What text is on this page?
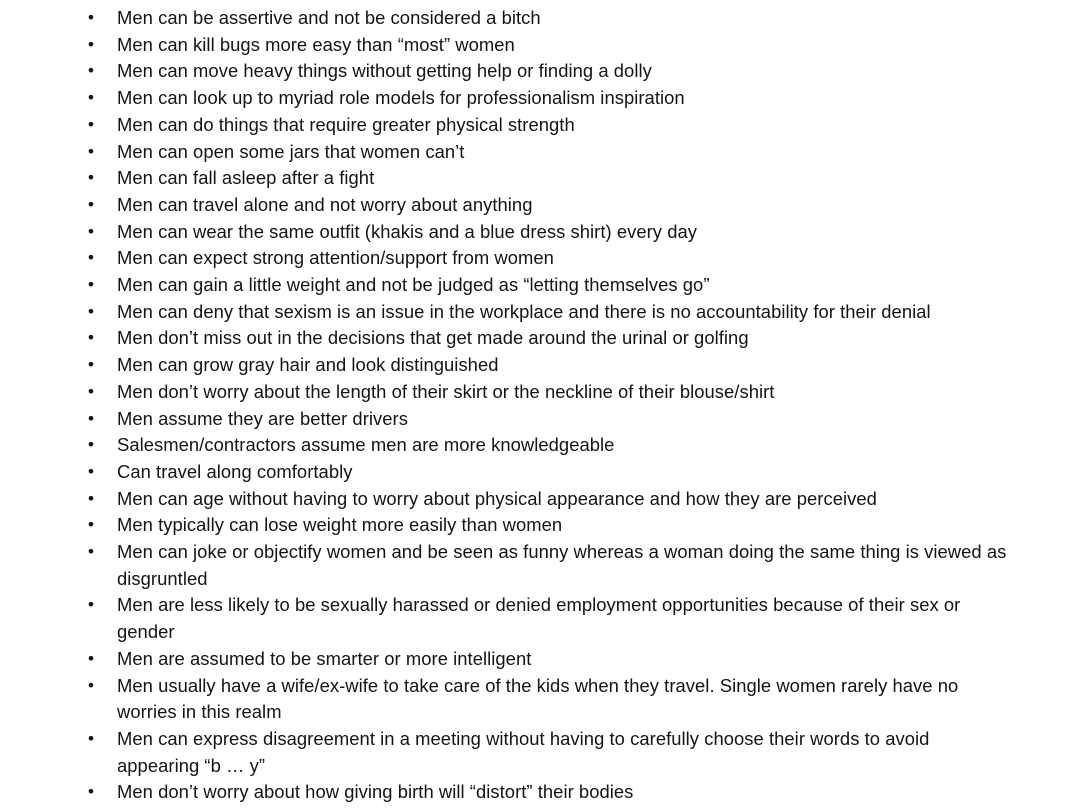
• Men can be assertive and not be considered a bitch
• Men can kill bugs more easy than “most” women
• Men can move heavy things without getting help or finding a dolly
• Men can look up to myriad role models for professionalism inspiration
• Men can do things that require greater physical strength
• Men can open some jars that women can’t
• Men can fall asleep after a fight
• Men can travel alone and not worry about anything
• Men can wear the same outfit (khakis and a blue dress shirt) every day
• Men can expect strong attention/support from women
• Men can gain a little weight and not be judged as “letting themselves go”
• Men can deny that sexism is an issue in the workplace and there is no accountability for their denial
• Men don’t miss out in the decisions that get made around the urinal or golfing
• Men can grow gray hair and look distinguished
• Men don’t worry about the length of their skirt or the neckline of their blouse/shirt
• Men assume they are better drivers
• Salesmen/contractors assume men are more knowledgeable
• Can travel along comfortably
• Men can age without having to worry about physical appearance and how they are perceived
• Men typically can lose weight more easily than women
• Men can joke or objectify women and be seen as funny whereas a woman doing the same thing is viewed as disgruntled
• Men are less likely to be sexually harassed or denied employment opportunities because of their sex or gender
• Men are assumed to be smarter or more intelligent
• Men usually have a wife/ex-wife to take care of the kids when they travel. Single women rarely have no worries in this realm
• Men can express disagreement in a meeting without having to carefully choose their words to avoid appearing “b … y”
• Men don’t worry about how giving birth will “distort” their bodies
